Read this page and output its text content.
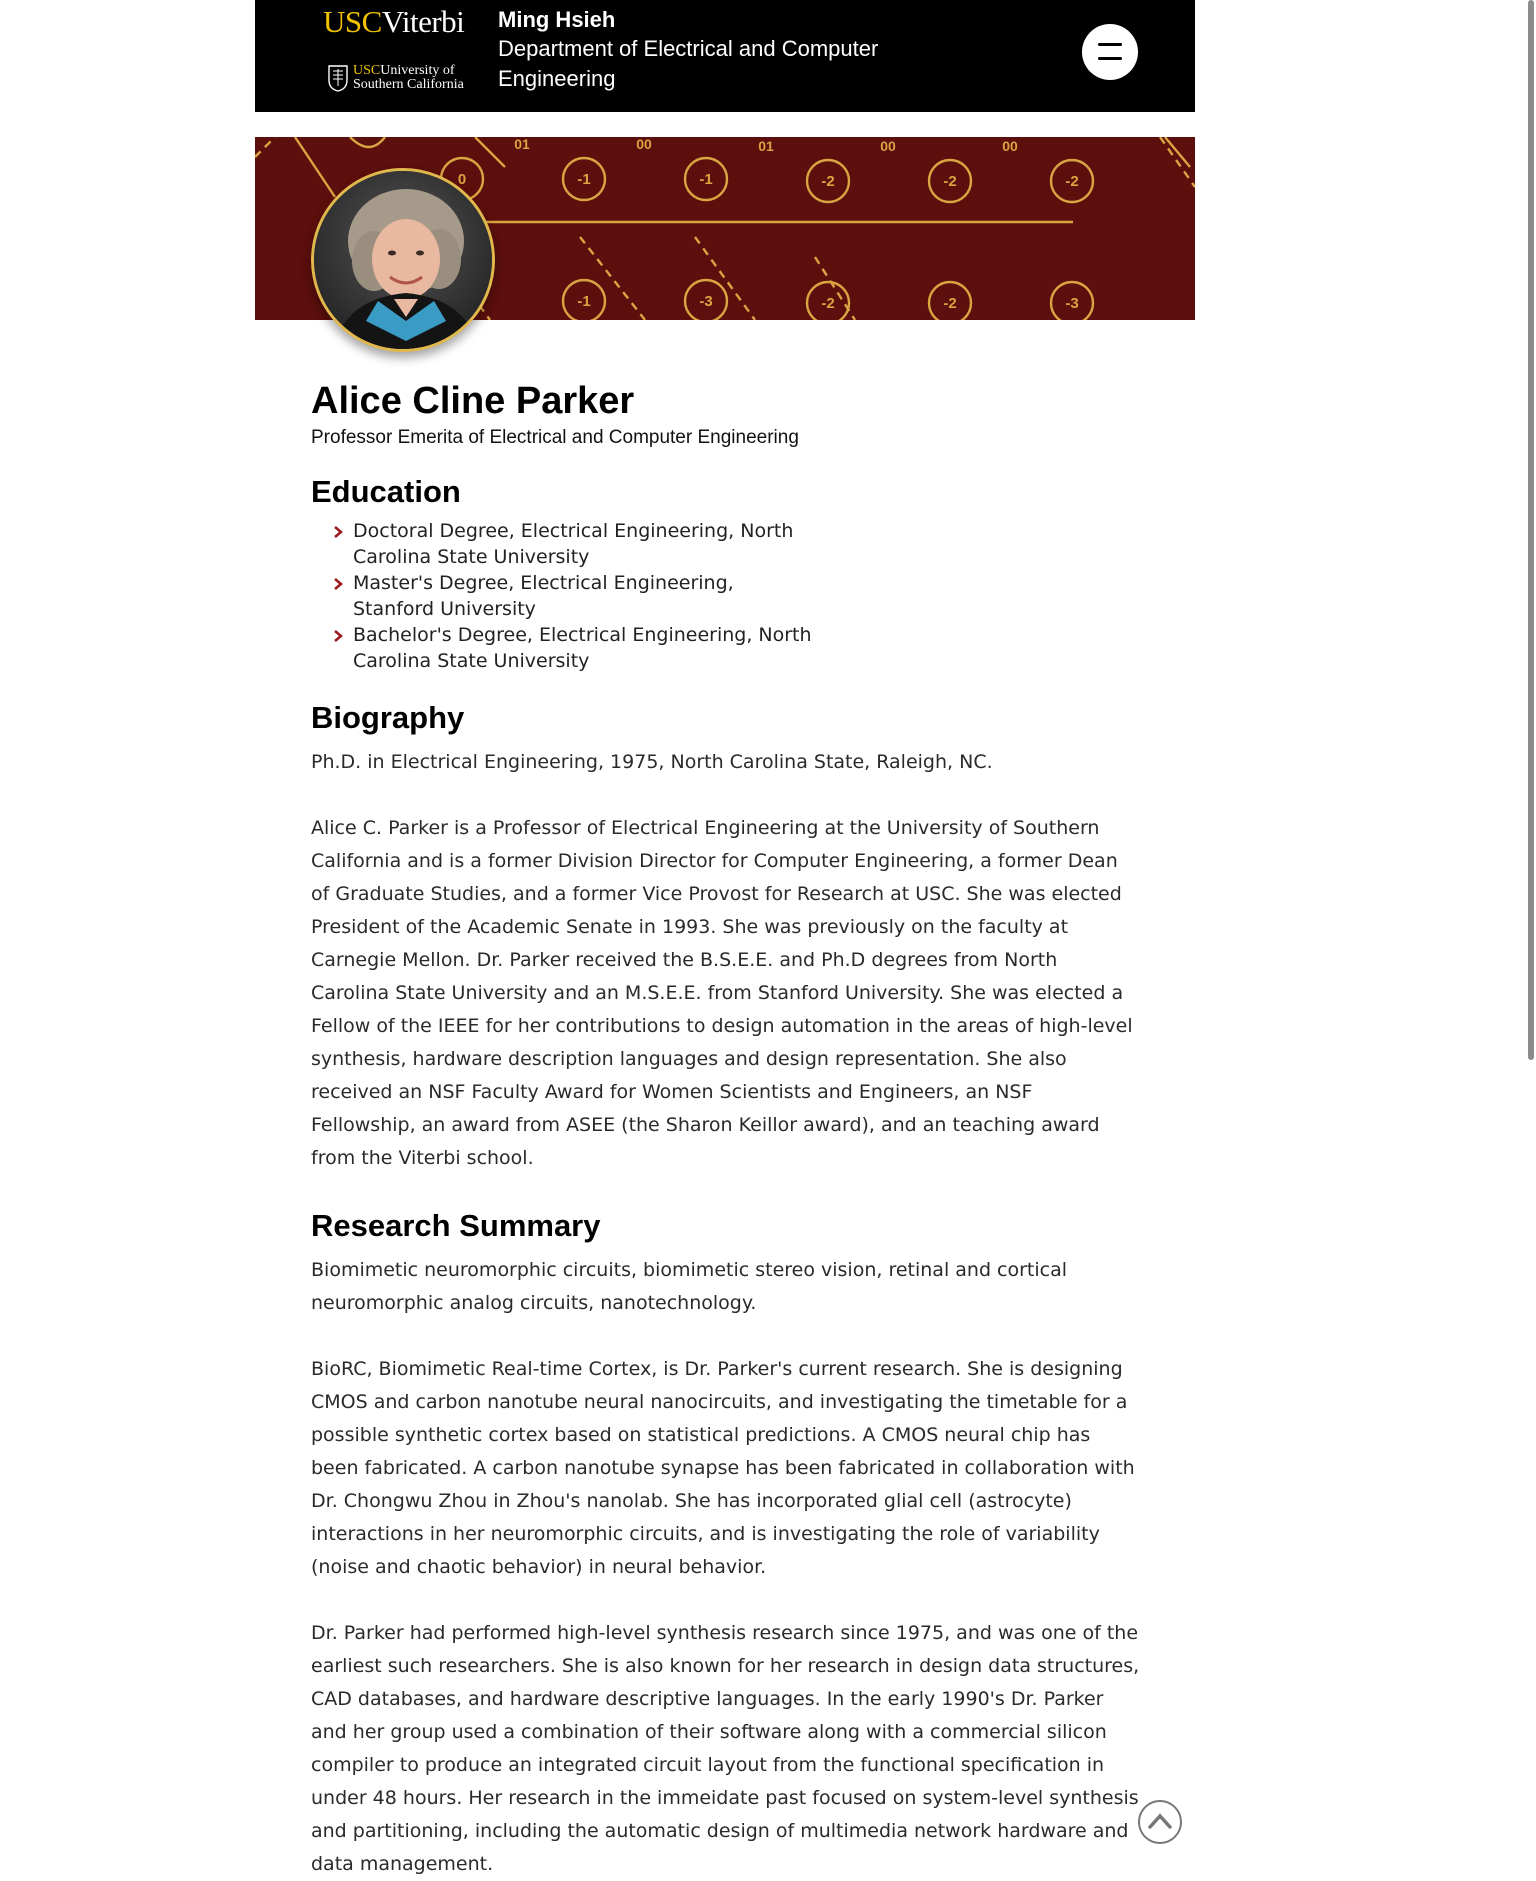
USCViterbi
USCUniversity of
Southern California
Ming Hsieh
Department of Electrical and Computer Engineering
01	00	01	00	00
0	-1	-1	-2	-2	-2
-1	-3	-2	-2	-3
Alice Cline Parker
Professor Emerita of Electrical and Computer Engineering
Education
Doctoral Degree, Electrical Engineering, North Carolina State University
Master's Degree, Electrical Engineering, Stanford University
Bachelor's Degree, Electrical Engineering, North Carolina State University
Biography

Ph.D. in Electrical Engineering, 1975, North Carolina State, Raleigh, NC.

Alice C. Parker is a Professor of Electrical Engineering at the University of Southern California and is a former Division Director for Computer Engineering, a former Dean of Graduate Studies, and a former Vice Provost for Research at USC. She was elected President of the Academic Senate in 1993. She was previously on the faculty at Carnegie Mellon. Dr. Parker received the B.S.E.E. and Ph.D degrees from North Carolina State University and an M.S.E.E. from Stanford University. She was elected a Fellow of the IEEE for her contributions to design automation in the areas of high-level synthesis, hardware description languages and design representation. She also received an NSF Faculty Award for Women Scientists and Engineers, an NSF Fellowship, an award from ASEE (the Sharon Keillor award), and an teaching award from the Viterbi school.

Research Summary

Biomimetic neuromorphic circuits, biomimetic stereo vision, retinal and cortical neuromorphic analog circuits, nanotechnology.

BioRC, Biomimetic Real-time Cortex, is Dr. Parker's current research. She is designing CMOS and carbon nanotube neural nanocircuits, and investigating the timetable for a possible synthetic cortex based on statistical predictions. A CMOS neural chip has been fabricated. A carbon nanotube synapse has been fabricated in collaboration with Dr. Chongwu Zhou in Zhou's nanolab. She has incorporated glial cell (astrocyte) interactions in her neuromorphic circuits, and is investigating the role of variability (noise and chaotic behavior) in neural behavior.

Dr. Parker had performed high-level synthesis research since 1975, and was one of the earliest such researchers. She is also known for her research in design data structures, CAD databases, and hardware descriptive languages. In the early 1990's Dr. Parker and her group used a combination of their software along with a commercial silicon compiler to produce an integrated circuit layout from the functional specification in under 48 hours. Her research in the immeidate past focused on system-level synthesis and partitioning, including the automatic design of multimedia network hardware and data management.
